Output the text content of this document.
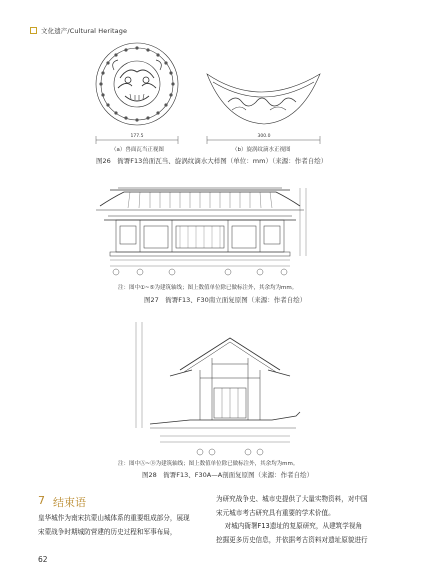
文化遗产/Cultural Heritage
177.5	300.0
（a）兽面瓦当正视图	（b）旋涡纹滴水正视图
图26　衙署F13兽面瓦当、旋涡纹滴水大样图（单位：mm）（来源：作者自绘）
注：图中①~⑤为建筑轴线；图上数值单位除已做标注外，其余均为mm。
图27　衙署F13、F30南立面复原图（来源：作者自绘）
注：图中Ⓐ~Ⓓ为建筑轴线；图上数值单位除已做标注外，其余均为mm。
图28　衙署F13、F30A—A剖面复原图（来源：作者自绘）
7 结束语
皇华城作为南宋抗蒙山城体系的重要组成部分，展现宋蒙战争时期城防营建的历史过程和军事布局，
为研究战争史、城市史提供了大量实物资料，对中国
宋元城市考古研究具有重要的学术价值。
对城内衙署F13遗址的复原研究，从建筑学视角
挖掘更多历史信息，并依据考古资料对遗址原貌进行
62
